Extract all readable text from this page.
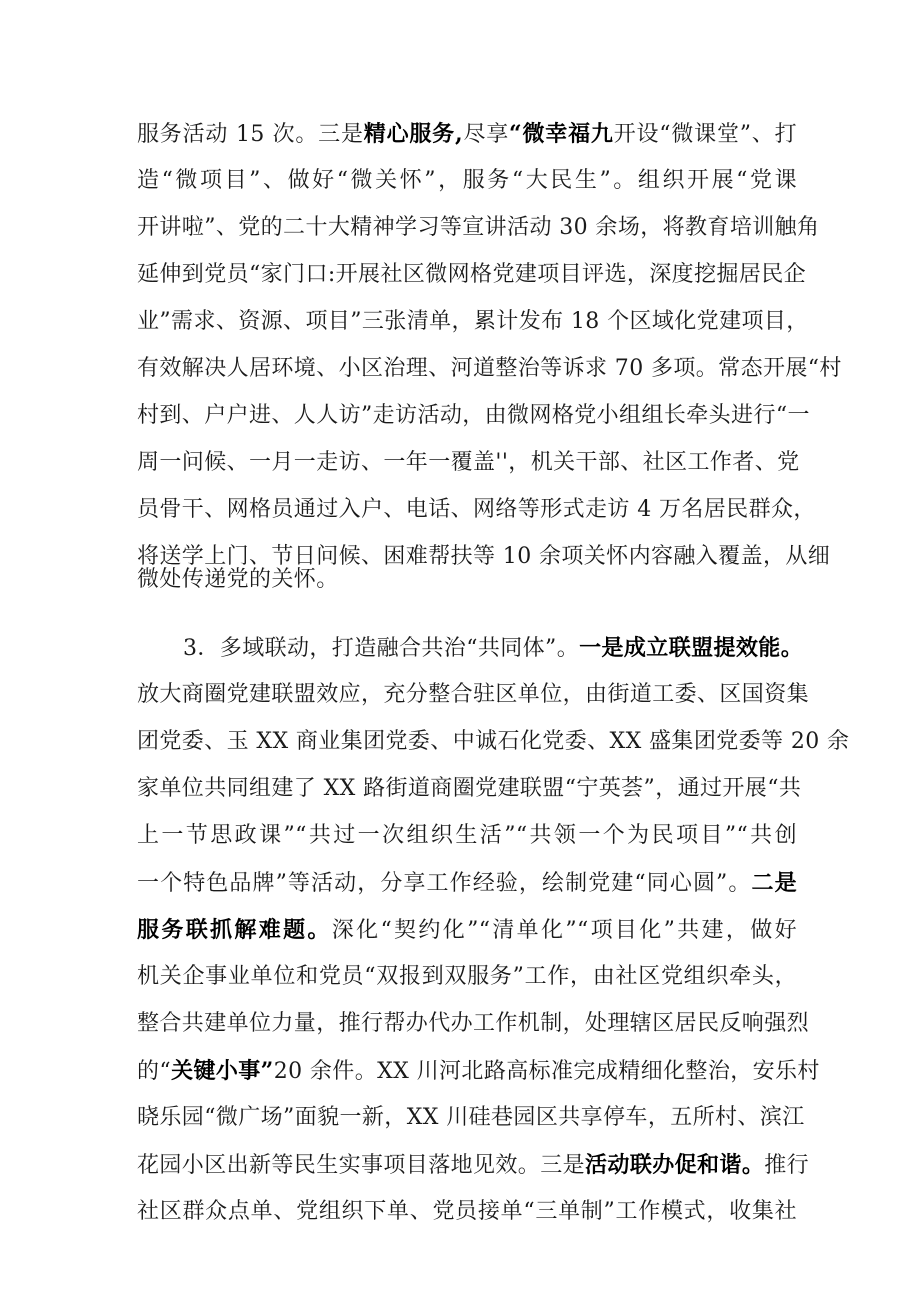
服务活动 15 次。三是精心服务,尽享“微幸福九开设“微课堂”、打
造“微项目”、做好“微关怀”，服务“大民生”。组织开展“党课
开讲啦”、党的二十大精神学习等宣讲活动 30 余场，将教育培训触角
延伸到党员“家门口:开展社区微网格党建项目评选，深度挖掘居民企
业”需求、资源、项目”三张清单，累计发布 18 个区域化党建项目，
有效解决人居环境、小区治理、河道整治等诉求 70 多项。常态开展“村
村到、户户进、人人访”走访活动，由微网格党小组组长牵头进行“一
周一问候、一月一走访、一年一覆盖''，机关干部、社区工作者、党
员骨干、网格员通过入户、电话、网络等形式走访 4 万名居民群众，
将送学上门、节日问候、困难帮扶等 10 余项关怀内容融入覆盖，从细
微处传递党的关怀。
3．多域联动，打造融合共治“共同体”。一是成立联盟提效能。
放大商圈党建联盟效应，充分整合驻区单位，由街道工委、区国资集
团党委、玉 XX 商业集团党委、中诚石化党委、XX 盛集团党委等 20 余
家单位共同组建了 XX 路街道商圈党建联盟“宁英荟”，通过开展“共
上一节思政课”“共过一次组织生活”“共领一个为民项目”“共创
一个特色品牌”等活动，分享工作经验，绘制党建“同心圆”。二是
服务联抓解难题。深化“契约化”“清单化”“项目化”共建，做好
机关企事业单位和党员“双报到双服务”工作，由社区党组织牵头，
整合共建单位力量，推行帮办代办工作机制，处理辖区居民反响强烈
的“关键小事”20 余件。XX 川河北路高标准完成精细化整治，安乐村
晓乐园“微广场”面貌一新，XX 川硅巷园区共享停车，五所村、滨江
花园小区出新等民生实事项目落地见效。三是活动联办促和谐。推行
社区群众点单、党组织下单、党员接单“三单制”工作模式，收集社
